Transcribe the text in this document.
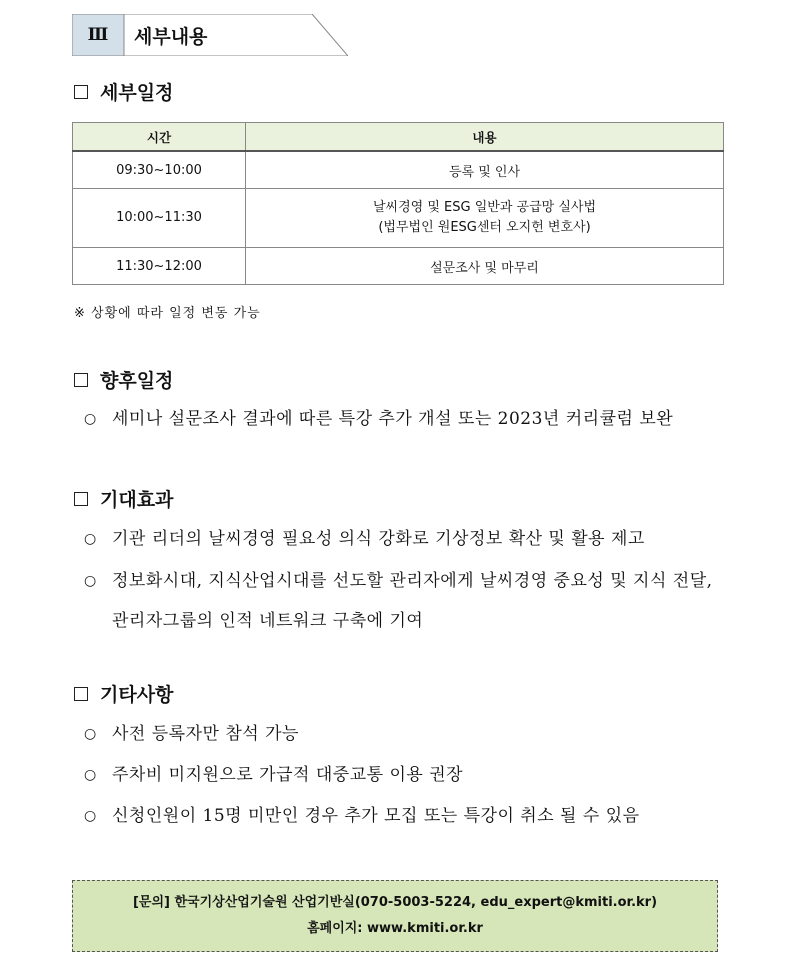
Ⅲ	세부내용
세부일정
시간	내용
09:30~10:00	등록 및 인사
10:00~11:30	날씨경영 및 ESG 일반과 공급망 실사법
(법무법인 원ESG센터 오지헌 변호사)

11:30~12:00	설문조사 및 마무리
※ 상황에 따라 일정 변동 가능
향후일정
○ 세미나 설문조사 결과에 따른 특강 추가 개설 또는 2023년 커리큘럼 보완
기대효과
○ 기관 리더의 날씨경영 필요성 의식 강화로 기상정보 확산 및 활용 제고
○ 정보화시대, 지식산업시대를 선도할 관리자에게 날씨경영 중요성 및 지식 전달, 관리자그룹의 인적 네트워크 구축에 기여
기타사항
○ 사전 등록자만 참석 가능
○ 주차비 미지원으로 가급적 대중교통 이용 권장
○ 신청인원이 15명 미만인 경우 추가 모집 또는 특강이 취소 될 수 있음
[문의] 한국기상산업기술원 산업기반실(070-5003-5224, edu_expert@kmiti.or.kr)
홈페이지: www.kmiti.or.kr
